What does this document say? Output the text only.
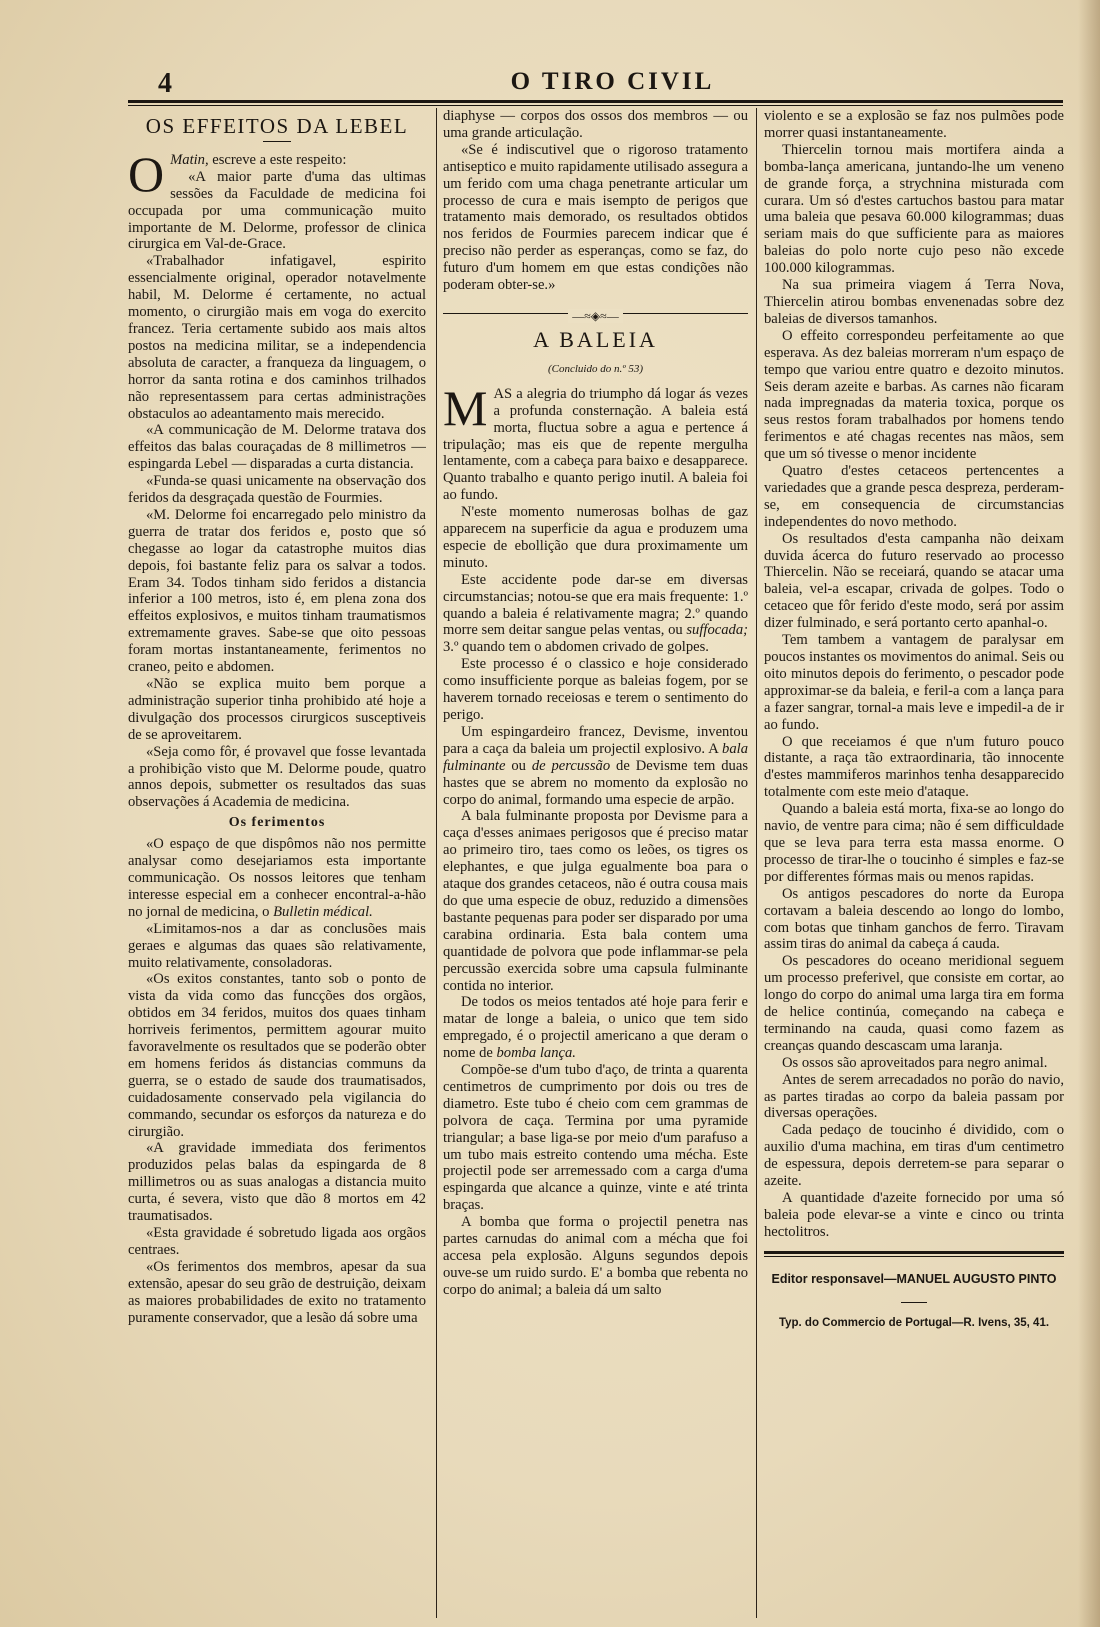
4	O TIRO CIVIL
OS EFFEITOS DA LEBEL

O Matin, escreve a este respeito:

«A maior parte d'uma das ultimas sessões da Faculdade de medicina foi occupada por uma communicação muito importante de M. Delorme, professor de clinica cirurgica em Val-de-Grace.

«Trabalhador infatigavel, espirito essencialmente original, operador notavelmente habil, M. Delorme é certamente, no actual momento, o cirurgião mais em voga do exercito francez. Teria certamente subido aos mais altos postos na medicina militar, se a independencia absoluta de caracter, a franqueza da linguagem, o horror da santa rotina e dos caminhos trilhados não representassem para certas administrações obstaculos ao adeantamento mais merecido.

«A communicação de M. Delorme tratava dos effeitos das balas couraçadas de 8 millimetros — espingarda Lebel — disparadas a curta distancia.

«Funda-se quasi unicamente na observação dos feridos da desgraçada questão de Fourmies.

«M. Delorme foi encarregado pelo ministro da guerra de tratar dos feridos e, posto que só chegasse ao logar da catastrophe muitos dias depois, foi bastante feliz para os salvar a todos. Eram 34. Todos tinham sido feridos a distancia inferior a 100 metros, isto é, em plena zona dos effeitos explosivos, e muitos tinham traumatismos extremamente graves. Sabe-se que oito pessoas foram mortas instantaneamente, ferimentos no craneo, peito e abdomen.

«Não se explica muito bem porque a administração superior tinha prohibido até hoje a divulgação dos processos cirurgicos susceptiveis de se aproveitarem.

«Seja como fôr, é provavel que fosse levantada a prohibição visto que M. Delorme poude, quatro annos depois, submetter os resultados das suas observações á Academia de medicina.

Os ferimentos

«O espaço de que dispômos não nos permitte analysar como desejariamos esta importante communicação. Os nossos leitores que tenham interesse especial em a conhecer encontral-a-hão no jornal de medicina, o Bulletin médical.

«Limitamos-nos a dar as conclusões mais geraes e algumas das quaes são relativamente, muito relativamente, consoladoras.

«Os exitos constantes, tanto sob o ponto de vista da vida como das funcções dos orgãos, obtidos em 34 feridos, muitos dos quaes tinham horriveis ferimentos, permittem agourar muito favoravelmente os resultados que se poderão obter em homens feridos ás distancias communs da guerra, se o estado de saude dos traumatisados, cuidadosamente conservado pela vigilancia do commando, secundar os esforços da natureza e do cirurgião.

«A gravidade immediata dos ferimentos produzidos pelas balas da espingarda de 8 millimetros ou as suas analogas a distancia muito curta, é severa, visto que dão 8 mortos em 42 traumatisados.

«Esta gravidade é sobretudo ligada aos orgãos centraes.

«Os ferimentos dos membros, apesar da sua extensão, apesar do seu grão de destruição, deixam as maiores probabilidades de exito no tratamento puramente conservador, que a lesão dá sobre uma

diaphyse — corpos dos ossos dos membros — ou uma grande articulação.

«Se é indiscutivel que o rigoroso tratamento antiseptico e muito rapidamente utilisado assegura a um ferido com uma chaga penetrante articular um processo de cura e mais isempto de perigos que tratamento mais demorado, os resultados obtidos nos feridos de Fourmies parecem indicar que é preciso não perder as esperanças, como se faz, do futuro d'um homem em que estas condições não poderam obter-se.»

—≈◈≈—
A BALEIA
(Concluido do n.º 53)

MAS a alegria do triumpho dá logar ás vezes a profunda consternação. A baleia está morta, fluctua sobre a agua e pertence á tripulação; mas eis que de repente mergulha lentamente, com a cabeça para baixo e desapparece. Quanto trabalho e quanto perigo inutil. A baleia foi ao fundo.

N'este momento numerosas bolhas de gaz apparecem na superficie da agua e produzem uma especie de ebollição que dura proximamente um minuto.

Este accidente pode dar-se em diversas circumstancias; notou-se que era mais frequente: 1.º quando a baleia é relativamente magra; 2.º quando morre sem deitar sangue pelas ventas, ou suffocada; 3.º quando tem o abdomen crivado de golpes.

Este processo é o classico e hoje considerado como insufficiente porque as baleias fogem, por se haverem tornado receiosas e terem o sentimento do perigo.

Um espingardeiro francez, Devisme, inventou para a caça da baleia um projectil explosivo. A bala fulminante ou de percussão de Devisme tem duas hastes que se abrem no momento da explosão no corpo do animal, formando uma especie de arpão.

A bala fulminante proposta por Devisme para a caça d'esses animaes perigosos que é preciso matar ao primeiro tiro, taes como os leões, os tigres os elephantes, e que julga egualmente boa para o ataque dos grandes cetaceos, não é outra cousa mais do que uma especie de obuz, reduzido a dimensões bastante pequenas para poder ser disparado por uma carabina ordinaria. Esta bala contem uma quantidade de polvora que pode inflammar-se pela percussão exercida sobre uma capsula fulminante contida no interior.

De todos os meios tentados até hoje para ferir e matar de longe a baleia, o unico que tem sido empregado, é o projectil americano a que deram o nome de bomba lança.

Compõe-se d'um tubo d'aço, de trinta a quarenta centimetros de cumprimento por dois ou tres de diametro. Este tubo é cheio com cem grammas de polvora de caça. Termina por uma pyramide triangular; a base liga-se por meio d'um parafuso a um tubo mais estreito contendo uma mécha. Este projectil pode ser arremessado com a carga d'uma espingarda que alcance a quinze, vinte e até trinta braças.

A bomba que forma o projectil penetra nas partes carnudas do animal com a mécha que foi accesa pela explosão. Alguns segundos depois ouve-se um ruido surdo. E' a bomba que rebenta no corpo do animal; a baleia dá um salto

violento e se a explosão se faz nos pulmões pode morrer quasi instantaneamente.

Thiercelin tornou mais mortifera ainda a bomba-lança americana, juntando-lhe um veneno de grande força, a strychnina misturada com curara. Um só d'estes cartuchos bastou para matar uma baleia que pesava 60.000 kilogrammas; duas seriam mais do que sufficiente para as maiores baleias do polo norte cujo peso não excede 100.000 kilogrammas.

Na sua primeira viagem á Terra Nova, Thiercelin atirou bombas envenenadas sobre dez baleias de diversos tamanhos.

O effeito correspondeu perfeitamente ao que esperava. As dez baleias morreram n'um espaço de tempo que variou entre quatro e dezoito minutos. Seis deram azeite e barbas. As carnes não ficaram nada impregnadas da materia toxica, porque os seus restos foram trabalhados por homens tendo ferimentos e até chagas recentes nas mãos, sem que um só tivesse o menor incidente

Quatro d'estes cetaceos pertencentes a variedades que a grande pesca despreza, perderam-se, em consequencia de circumstancias independentes do novo methodo.

Os resultados d'esta campanha não deixam duvida ácerca do futuro reservado ao processo Thiercelin. Não se receiará, quando se atacar uma baleia, vel-a escapar, crivada de golpes. Todo o cetaceo que fôr ferido d'este modo, será por assim dizer fulminado, e será portanto certo apanhal-o.

Tem tambem a vantagem de paralysar em poucos instantes os movimentos do animal. Seis ou oito minutos depois do ferimento, o pescador pode approximar-se da baleia, e feril-a com a lança para a fazer sangrar, tornal-a mais leve e impedil-a de ir ao fundo.

O que receiamos é que n'um futuro pouco distante, a raça tão extraordinaria, tão innocente d'estes mammiferos marinhos tenha desapparecido totalmente com este meio d'ataque.

Quando a baleia está morta, fixa-se ao longo do navio, de ventre para cima; não é sem difficuldade que se leva para terra esta massa enorme. O processo de tirar-lhe o toucinho é simples e faz-se por differentes fórmas mais ou menos rapidas.

Os antigos pescadores do norte da Europa cortavam a baleia descendo ao longo do lombo, com botas que tinham ganchos de ferro. Tiravam assim tiras do animal da cabeça á cauda.

Os pescadores do oceano meridional seguem um processo preferivel, que consiste em cortar, ao longo do corpo do animal uma larga tira em forma de helice continúa, começando na cabeça e terminando na cauda, quasi como fazem as creanças quando descascam uma laranja.

Os ossos são aproveitados para negro animal.

Antes de serem arrecadados no porão do navio, as partes tiradas ao corpo da baleia passam por diversas operações.

Cada pedaço de toucinho é dividido, com o auxilio d'uma machina, em tiras d'um centimetro de espessura, depois derretem-se para separar o azeite.

A quantidade d'azeite fornecido por uma só baleia pode elevar-se a vinte e cinco ou trinta hectolitros.

Editor responsavel—MANUEL AUGUSTO PINTO
Typ. do Commercio de Portugal—R. Ivens, 35, 41.
